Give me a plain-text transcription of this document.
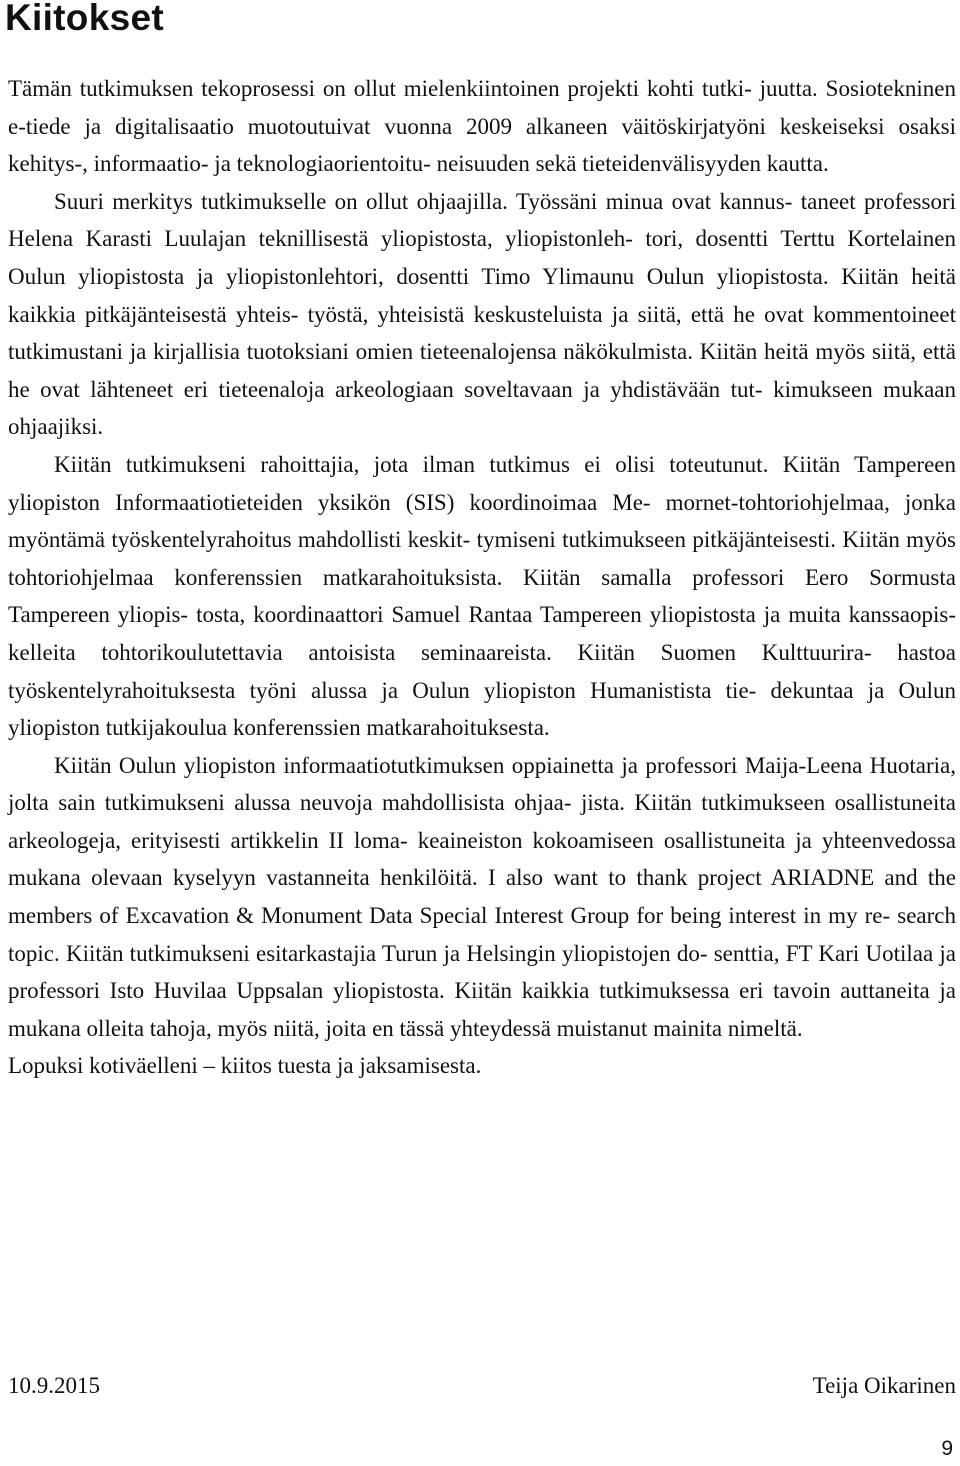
Kiitokset

Tämän tutkimuksen tekoprosessi on ollut mielenkiintoinen projekti kohti tutki- juutta. Sosiotekninen e-tiede ja digitalisaatio muotoutuivat vuonna 2009 alkaneen väitöskirjatyöni keskeiseksi osaksi kehitys-, informaatio- ja teknologiaorientoitu- neisuuden sekä tieteidenvälisyyden kautta.

Suuri merkitys tutkimukselle on ollut ohjaajilla. Työssäni minua ovat kannus- taneet professori Helena Karasti Luulajan teknillisestä yliopistosta, yliopistonleh- tori, dosentti Terttu Kortelainen Oulun yliopistosta ja yliopistonlehtori, dosentti Timo Ylimaunu Oulun yliopistosta. Kiitän heitä kaikkia pitkäjänteisestä yhteis- työstä, yhteisistä keskusteluista ja siitä, että he ovat kommentoineet tutkimustani ja kirjallisia tuotoksiani omien tieteenalojensa näkökulmista. Kiitän heitä myös siitä, että he ovat lähteneet eri tieteenaloja arkeologiaan soveltavaan ja yhdistävään tut- kimukseen mukaan ohjaajiksi.

Kiitän tutkimukseni rahoittajia, jota ilman tutkimus ei olisi toteutunut. Kiitän Tampereen yliopiston Informaatiotieteiden yksikön (SIS) koordinoimaa Me- mornet-tohtoriohjelmaa, jonka myöntämä työskentelyrahoitus mahdollisti keskit- tymiseni tutkimukseen pitkäjänteisesti. Kiitän myös tohtoriohjelmaa konferenssien matkarahoituksista. Kiitän samalla professori Eero Sormusta Tampereen yliopis- tosta, koordinaattori Samuel Rantaa Tampereen yliopistosta ja muita kanssaopis- kelleita tohtorikoulutettavia antoisista seminaareista. Kiitän Suomen Kulttuurira- hastoa työskentelyrahoituksesta työni alussa ja Oulun yliopiston Humanistista tie- dekuntaa ja Oulun yliopiston tutkijakoulua konferenssien matkarahoituksesta.

Kiitän Oulun yliopiston informaatiotutkimuksen oppiainetta ja professori Maija-Leena Huotaria, jolta sain tutkimukseni alussa neuvoja mahdollisista ohjaa- jista. Kiitän tutkimukseen osallistuneita arkeologeja, erityisesti artikkelin II loma- keaineiston kokoamiseen osallistuneita ja yhteenvedossa mukana olevaan kyselyyn vastanneita henkilöitä. I also want to thank project ARIADNE and the members of Excavation & Monument Data Special Interest Group for being interest in my re- search topic. Kiitän tutkimukseni esitarkastajia Turun ja Helsingin yliopistojen do- senttia, FT Kari Uotilaa ja professori Isto Huvilaa Uppsalan yliopistosta. Kiitän kaikkia tutkimuksessa eri tavoin auttaneita ja mukana olleita tahoja, myös niitä, joita en tässä yhteydessä muistanut mainita nimeltä.

Lopuksi kotiväelleni – kiitos tuesta ja jaksamisesta.

10.9.2015	Teija Oikarinen
9
